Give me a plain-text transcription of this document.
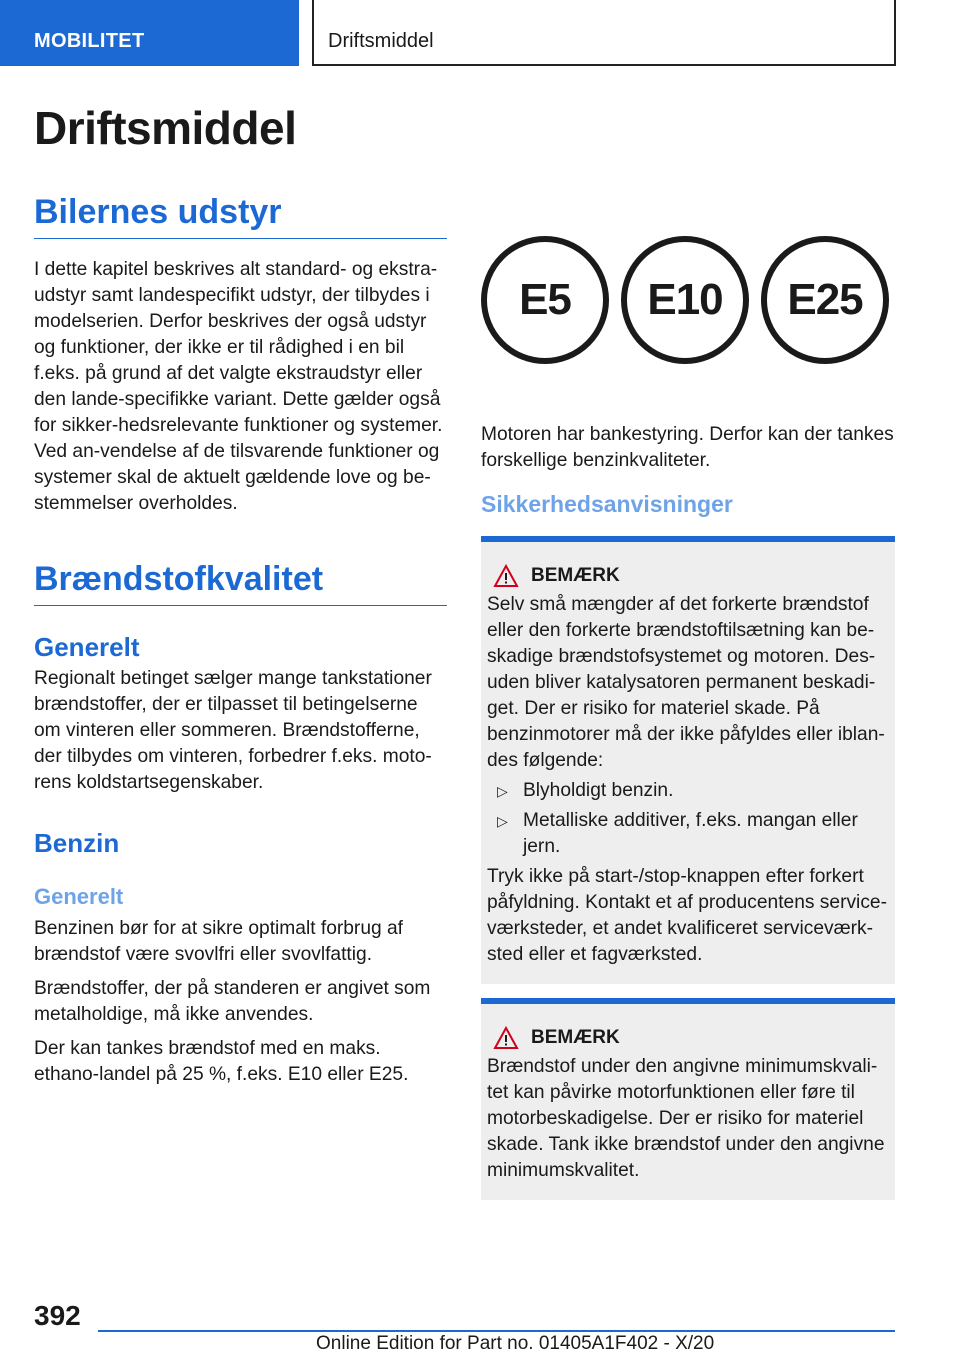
MOBILITET	Driftsmiddel
Driftsmiddel
Bilernes udstyr

I dette kapitel beskrives alt standard- og ekstra-udstyr samt landespecifikt udstyr, der tilbydes i modelserien. Derfor beskrives der også udstyr og funktioner, der ikke er til rådighed i en bil f.eks. på grund af det valgte ekstraudstyr eller den lande-specifikke variant. Dette gælder også for sikker-hedsrelevante funktioner og systemer. Ved an-vendelse af de tilsvarende funktioner og systemer skal de aktuelt gældende love og be-stemmelser overholdes.

Brændstofkvalitet
Generelt

Regionalt betinget sælger mange tankstationer brændstoffer, der er tilpasset til betingelserne om vinteren eller sommeren. Brændstofferne, der tilbydes om vinteren, forbedrer f.eks. moto-rens koldstartsegenskaber.

Benzin
Generelt

Benzinen bør for at sikre optimalt forbrug af brændstof være svovlfri eller svovlfattig.

Brændstoffer, der på standeren er angivet som metalholdige, må ikke anvendes.

Der kan tankes brændstof med en maks. ethano-landel på 25 %, f.eks. E10 eller E25.

E5	E10	E25

Motoren har bankestyring. Derfor kan der tankes forskellige benzinkvaliteter.

Sikkerhedsanvisninger
BEMÆRK

Selv små mængder af det forkerte brændstof eller den forkerte brændstoftilsætning kan be-skadige brændstofsystemet og motoren. Des-uden bliver katalysatoren permanent beskadi-get. Der er risiko for materiel skade. På benzinmotorer må der ikke påfyldes eller iblan-des følgende:

▷ Blyholdigt benzin.

▷ Metalliske additiver, f.eks. mangan eller jern.

Tryk ikke på start-/stop-knappen efter forkert påfyldning. Kontakt et af producentens service-værksteder, et andet kvalificeret serviceværk-sted eller et fagværksted.

BEMÆRK

Brændstof under den angivne minimumskvali-tet kan påvirke motorfunktionen eller føre til motorbeskadigelse. Der er risiko for materiel skade. Tank ikke brændstof under den angivne minimumskvalitet.

392
Online Edition for Part no. 01405A1F402 - X/20
